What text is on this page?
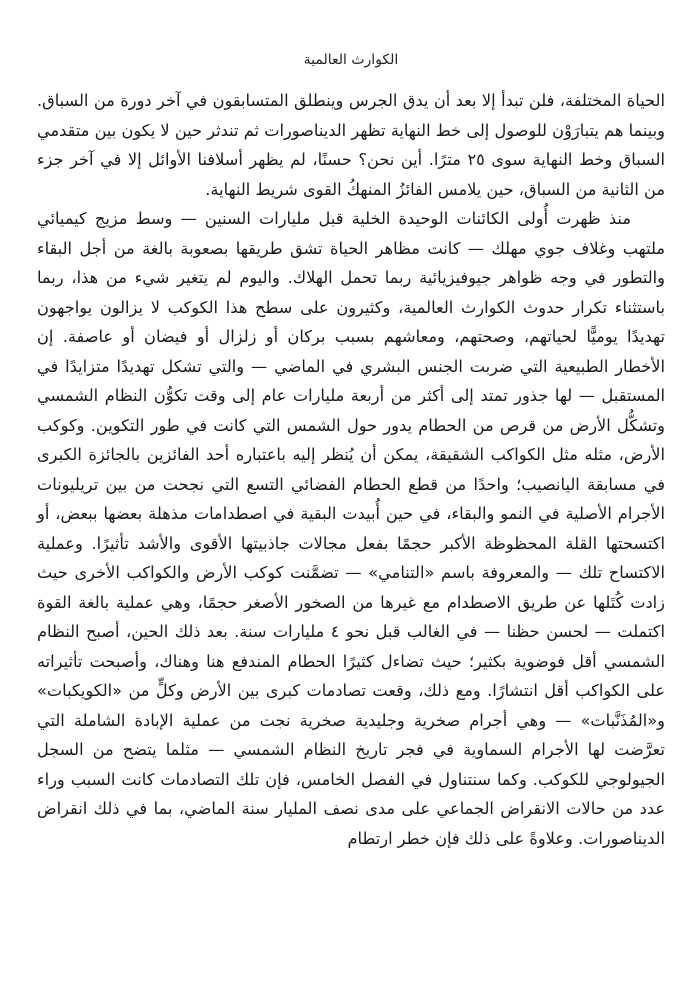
الكوارث العالمية

الحياة المختلفة، فلن تبدأ إلا بعد أن يدق الجرس وينطلق المتسابقون في آخر دورة من السباق. وبينما هم يتبارَوْن للوصول إلى خط النهاية تظهر الديناصورات ثم تندثر حين لا يكون بين متقدمي السباق وخط النهاية سوى ٢٥ مترًا. أين نحن؟ حسنًا، لم يظهر أسلافنا الأوائل إلا في آخر جزء من الثانية من السباق، حين يلامس الفائزُ المنهكُ القوى شريط النهاية.

منذ ظهرت أُولى الكائنات الوحيدة الخلية قبل مليارات السنين — وسط مزيج كيميائي ملتهب وغلاف جوي مهلك — كانت مظاهر الحياة تشق طريقها بصعوبة بالغة من أجل البقاء والتطور في وجه ظواهر جيوفيزيائية ربما تحمل الهلاك. واليوم لم يتغير شيء من هذا، ربما باستثناء تكرار حدوث الكوارث العالمية، وكثيرون على سطح هذا الكوكب لا يزالون يواجهون تهديدًا يوميًّا لحياتهم، وصحتهم، ومعاشهم بسبب بركان أو زلزال أو فيضان أو عاصفة. إن الأخطار الطبيعية التي ضربت الجنس البشري في الماضي — والتي تشكل تهديدًا متزايدًا في المستقبل — لها جذور تمتد إلى أكثر من أربعة مليارات عام إلى وقت تكوُّن النظام الشمسي وتشكُّل الأرض من قرص من الحطام يدور حول الشمس التي كانت في طور التكوين. وكوكب الأرض، مثله مثل الكواكب الشقيقة، يمكن أن يُنظر إليه باعتباره أحد الفائزين بالجائزة الكبرى في مسابقة اليانصيب؛ واحدًا من قطع الحطام الفضائي التسع التي نجحت من بين تريليونات الأجرام الأصلية في النمو والبقاء، في حين أُبيدت البقية في اصطدامات مذهلة بعضها ببعض، أو اكتسحتها القلة المحظوظة الأكبر حجمًا بفعل مجالات جاذبيتها الأقوى والأشد تأثيرًا. وعملية الاكتساح تلك — والمعروفة باسم «التنامي» — تضمَّنت كوكب الأرض والكواكب الأخرى حيث زادت كُتَلها عن طريق الاصطدام مع غيرها من الصخور الأصغر حجمًا، وهي عملية بالغة القوة اكتملت — لحسن حظنا — في الغالب قبل نحو ٤ مليارات سنة. بعد ذلك الحين، أصبح النظام الشمسي أقل فوضوية بكثير؛ حيث تضاءل كثيرًا الحطام المندفع هنا وهناك، وأصبحت تأثيراته على الكواكب أقل انتشارًا. ومع ذلك، وقعت تصادمات كبرى بين الأرض وكلٍّ من «الكويكبات» و«المُذَنَّبات» — وهي أجرام صخرية وجليدية صخرية نجت من عملية الإبادة الشاملة التي تعرَّضت لها الأجرام السماوية في فجر تاريخ النظام الشمسي — مثلما يتضح من السجل الجيولوجي للكوكب. وكما سنتناول في الفصل الخامس، فإن تلك التصادمات كانت السبب وراء عدد من حالات الانقراض الجماعي على مدى نصف المليار سنة الماضي، بما في ذلك انقراض الديناصورات. وعلاوةً على ذلك فإن خطر ارتطام
